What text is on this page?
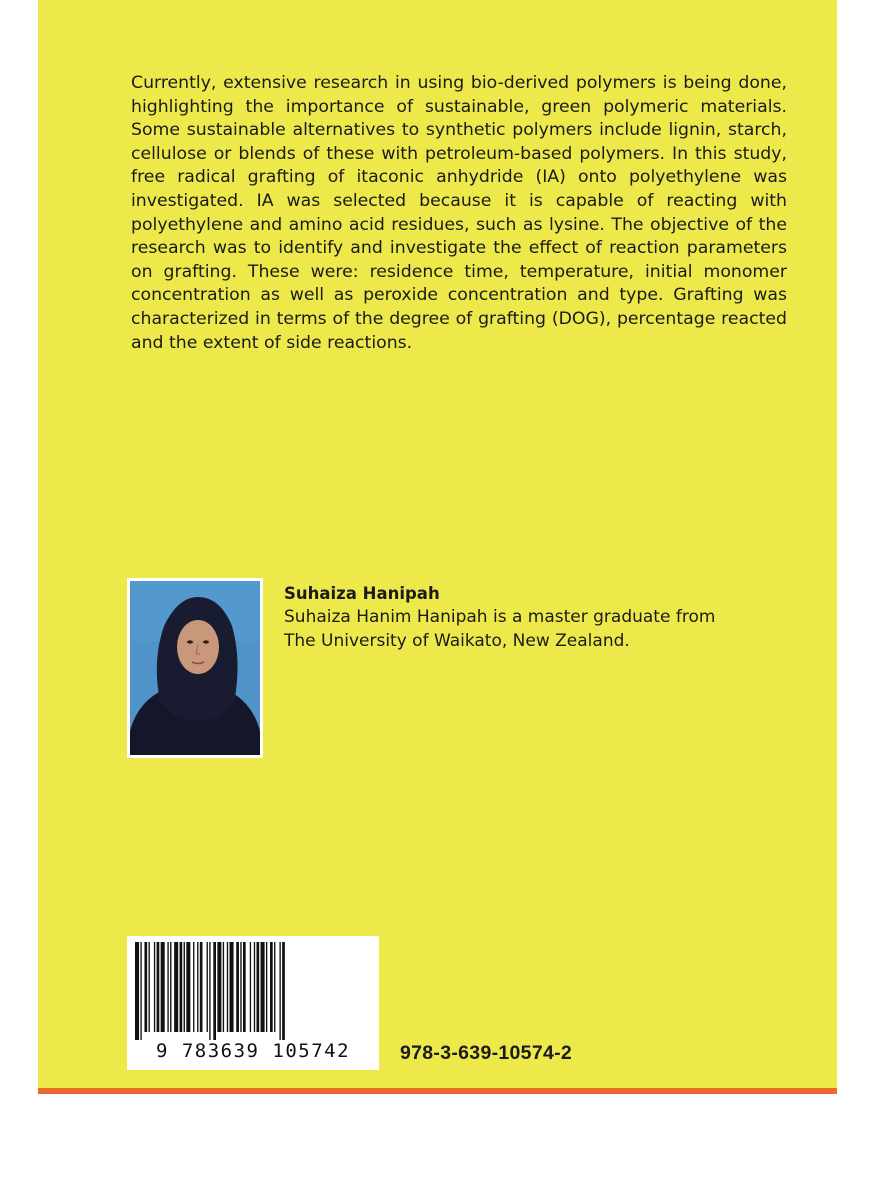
Currently, extensive research in using bio-derived polymers is being done, highlighting the importance of sustainable, green polymeric materials. Some sustainable alternatives to synthetic polymers include lignin, starch, cellulose or blends of these with petroleum-based polymers. In this study, free radical grafting of itaconic anhydride (IA) onto polyethylene was investigated. IA was selected because it is capable of reacting with polyethylene and amino acid residues, such as lysine. The objective of the research was to identify and investigate the effect of reaction parameters on grafting. These were: residence time, temperature, initial monomer concentration as well as peroxide concentration and type. Grafting was characterized in terms of the degree of grafting (DOG), percentage reacted and the extent of side reactions.

Suhaiza Hanipah

Suhaiza Hanim Hanipah is a master graduate from
The University of Waikato, New Zealand.

9 783639 105742	978-3-639-10574-2
